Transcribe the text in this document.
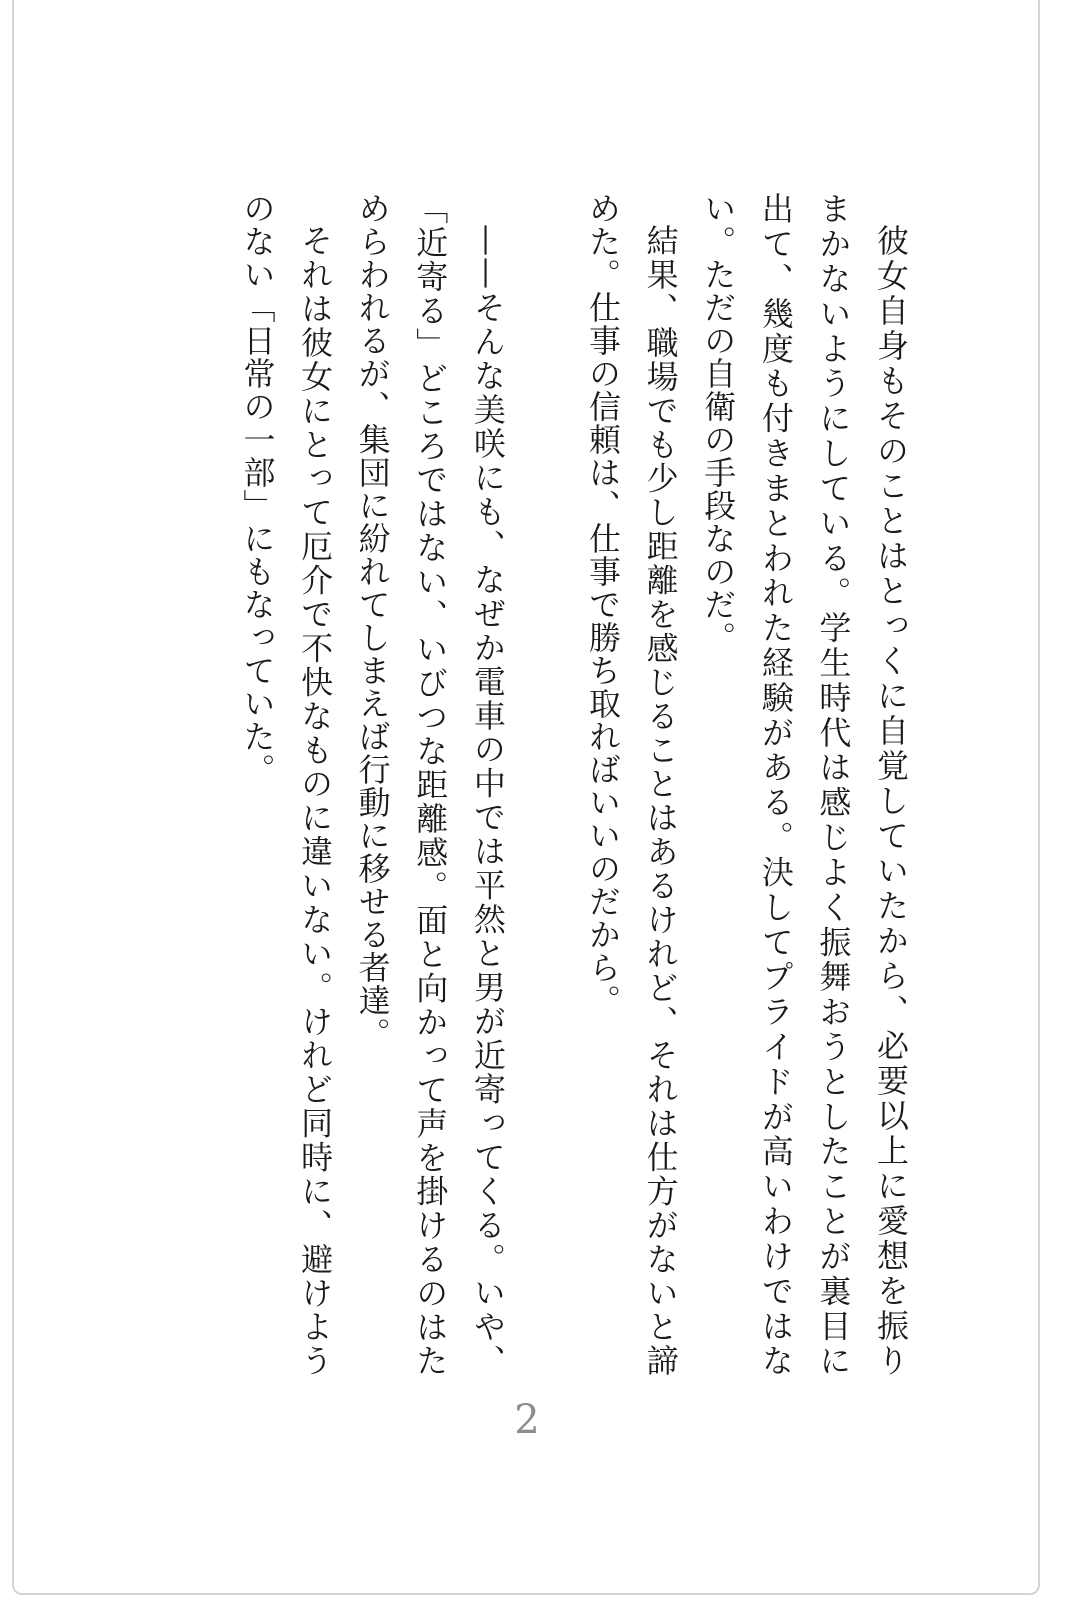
彼女自身もそのことはとっくに自覚していたから、必要以上に愛想を振り
まかないようにしている。学生時代は感じよく振舞おうとしたことが裏目に
出て、幾度も付きまとわれた経験がある。決してプライドが高いわけではな
い。ただの自衛の手段なのだ。
結果、職場でも少し距離を感じることはあるけれど、それは仕方がないと諦
めた。仕事の信頼は、仕事で勝ち取ればいいのだから。
——そんな美咲にも、なぜか電車の中では平然と男が近寄ってくる。いや、
「近寄る」どころではない、いびつな距離感。面と向かって声を掛けるのはた
めらわれるが、集団に紛れてしまえば行動に移せる者達。
それは彼女にとって厄介で不快なものに違いない。けれど同時に、避けよう
のない「日常の一部」にもなっていた。
2
